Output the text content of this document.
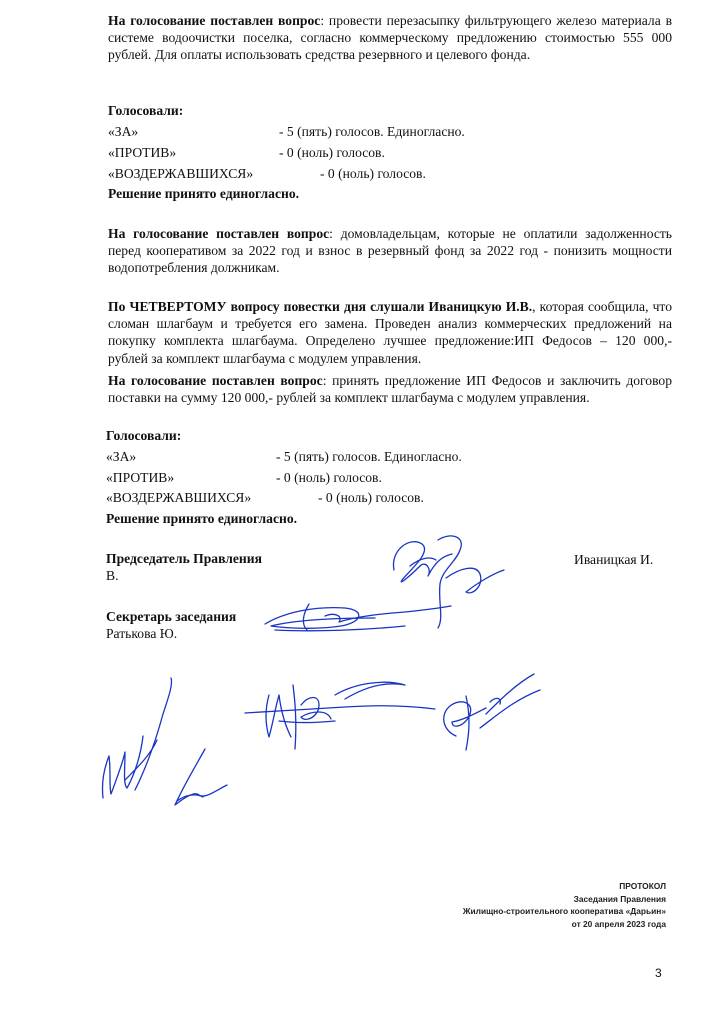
На голосование поставлен вопрос: провести перезасыпку фильтрующего железо материала в системе водоочистки поселка, согласно коммерческому предложению стоимостью 555 000 рублей. Для оплаты использовать средства резервного и целевого фонда.

Голосовали:
«ЗА»	- 5 (пять) голосов. Единогласно.
«ПРОТИВ»	- 0 (ноль) голосов.
«ВОЗДЕРЖАВШИХСЯ»	- 0 (ноль) голосов.
Решение принято единогласно.

На голосование поставлен вопрос: домовладельцам, которые не оплатили задолженность перед кооперативом за 2022 год и взнос в резервный фонд за 2022 год - понизить мощности водопотребления должникам.

По ЧЕТВЕРТОМУ вопросу повестки дня слушали Иваницкую И.В., которая сообщила, что сломан шлагбаум и требуется его замена. Проведен анализ коммерческих предложений на покупку комплекта шлагбаума. Определено лучшее предложение:ИП Федосов – 120 000,- рублей за комплект шлагбаума с модулем управления.

На голосование поставлен вопрос: принять предложение ИП Федосов и заключить договор поставки на сумму 120 000,- рублей за комплект шлагбаума с модулем управления.

Голосовали:
«ЗА»	- 5 (пять) голосов. Единогласно.
«ПРОТИВ»	- 0 (ноль) голосов.
«ВОЗДЕРЖАВШИХСЯ»	- 0 (ноль) голосов.
Решение принято единогласно.
Председатель Правления
В.
Иваницкая И.
Секретарь заседания
Ратькова Ю.
ПРОТОКОЛ
Заседания Правления
Жилищно-строительного кооператива «Дарьин»
от 20 апреля 2023 года
3
